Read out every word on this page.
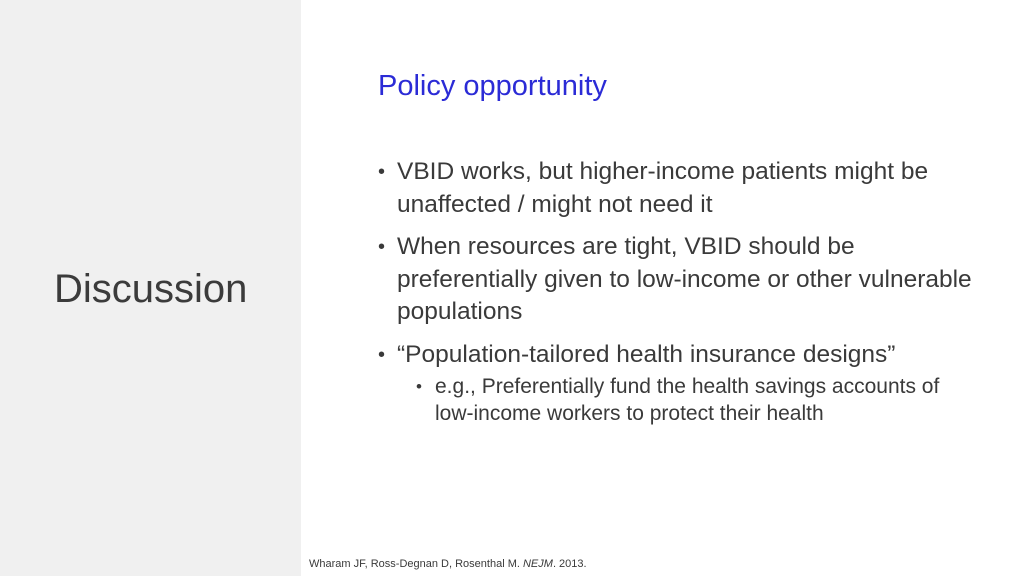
Discussion
Policy opportunity
• VBID works, but higher-income patients might be unaffected / might not need it
• When resources are tight, VBID should be preferentially given to low-income or other vulnerable populations
• “Population-tailored health insurance designs”
• e.g., Preferentially fund the health savings accounts of low-income workers to protect their health
Wharam JF, Ross-Degnan D, Rosenthal M. NEJM. 2013.
